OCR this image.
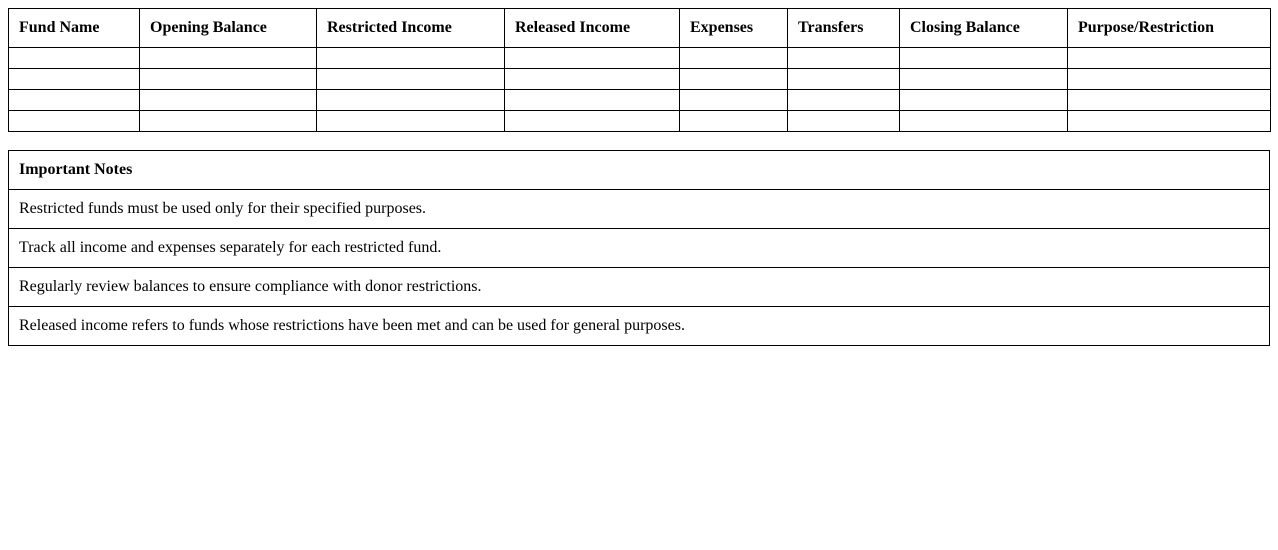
Fund Name	Opening Balance	Restricted Income	Released Income	Expenses	Transfers	Closing Balance	Purpose/Restriction

Important Notes
Restricted funds must be used only for their specified purposes.
Track all income and expenses separately for each restricted fund.
Regularly review balances to ensure compliance with donor restrictions.
Released income refers to funds whose restrictions have been met and can be used for general purposes.
